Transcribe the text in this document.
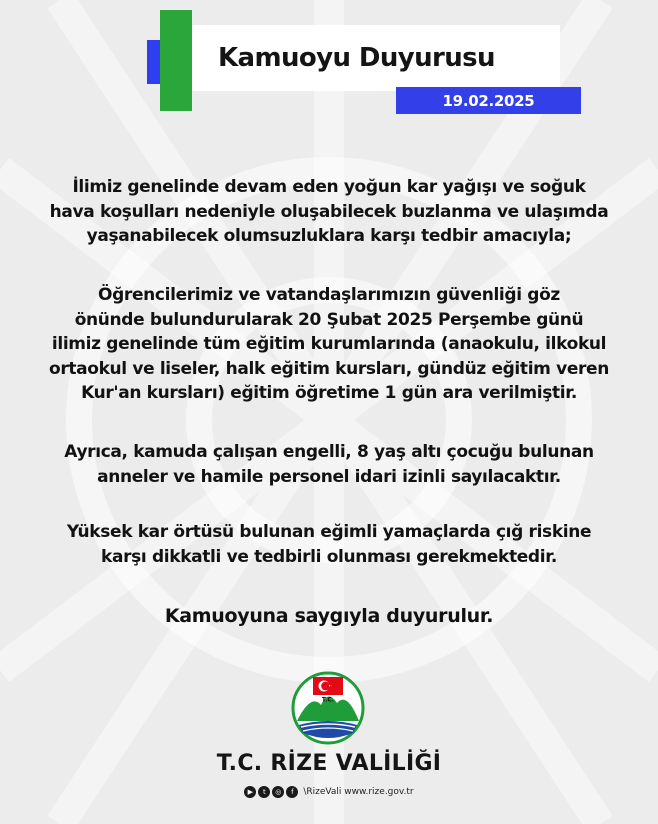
Kamuoyu Duyurusu
19.02.2025
İlimiz genelinde devam eden yoğun kar yağışı ve soğuk
hava koşulları nedeniyle oluşabilecek buzlanma ve ulaşımda
yaşanabilecek olumsuzluklara karşı tedbir amacıyla;
Öğrencilerimiz ve vatandaşlarımızın güvenliği göz
önünde bulundurularak 20 Şubat 2025 Perşembe günü
ilimiz genelinde tüm eğitim kurumlarında (anaokulu, ilkokul
ortaokul ve liseler, halk eğitim kursları, gündüz eğitim veren
Kur'an kursları) eğitim öğretime 1 gün ara verilmiştir.
Ayrıca, kamuda çalışan engelli, 8 yaş altı çocuğu bulunan
anneler ve hamile personel idari izinli sayılacaktır.
Yüksek kar örtüsü bulunan eğimli yamaçlarda çığ riskine
karşı dikkatli ve tedbirli olunması gerekmektedir.
Kamuoyuna saygıyla duyurulur.
T.C.
T.C. RİZE VALİLİĞİ
▶	t	◎	f	\RizeVali www.rize.gov.tr
